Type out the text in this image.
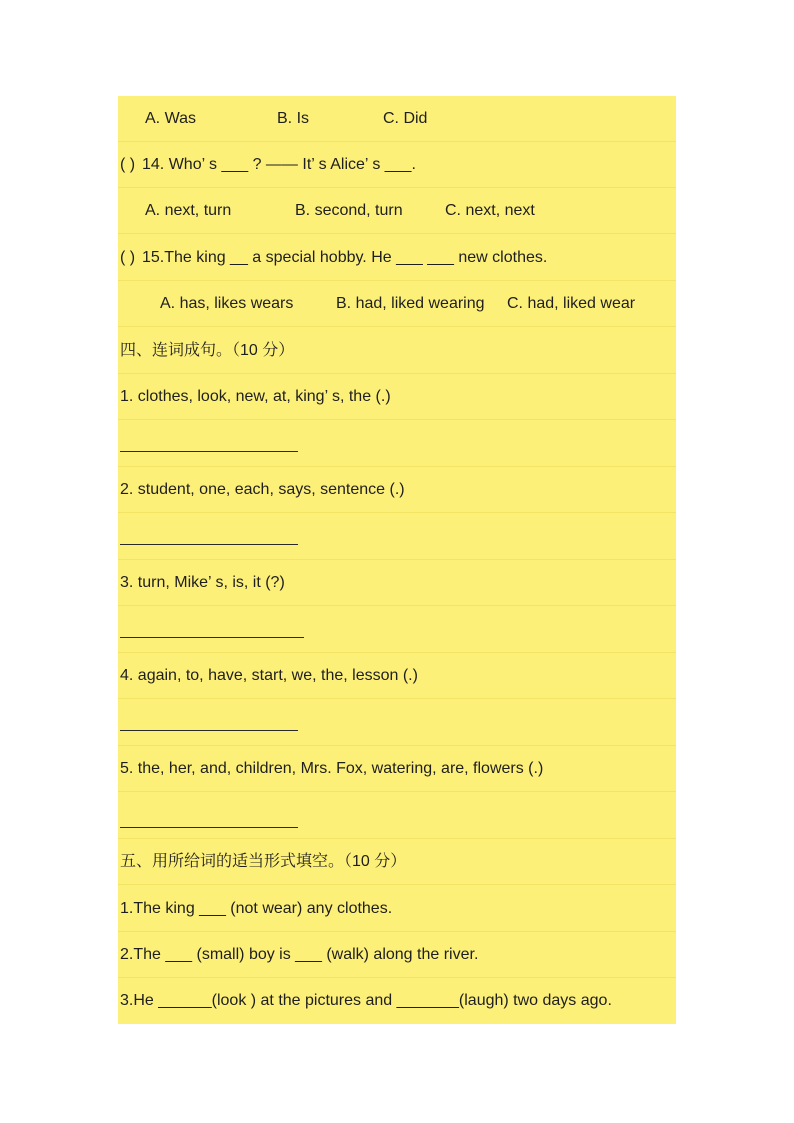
A. Was	B. Is	C. Did
( ) 14. Who’ s ___ ? —— It’ s Alice’ s ___.
A. next, turn	B. second, turn	C. next, next
( ) 15.The king __ a special hobby. He ___ ___ new clothes.
A. has, likes wears	B. had, liked wearing C. had, liked wear
四、连词成句。（10 分）
1. clothes, look, new, at, king’ s, the (.)
2. student, one, each, says, sentence (.)
3. turn, Mike’ s, is, it (?)
4. again, to, have, start, we, the, lesson (.)
5. the, her, and, children, Mrs. Fox, watering, are, flowers (.)
五、用所给词的适当形式填空。（10 分）
1.The king ___ (not wear) any clothes.
2.The ___ (small) boy is ___ (walk) along the river.
3.He ______(look ) at the pictures and _______(laugh) two days ago.
